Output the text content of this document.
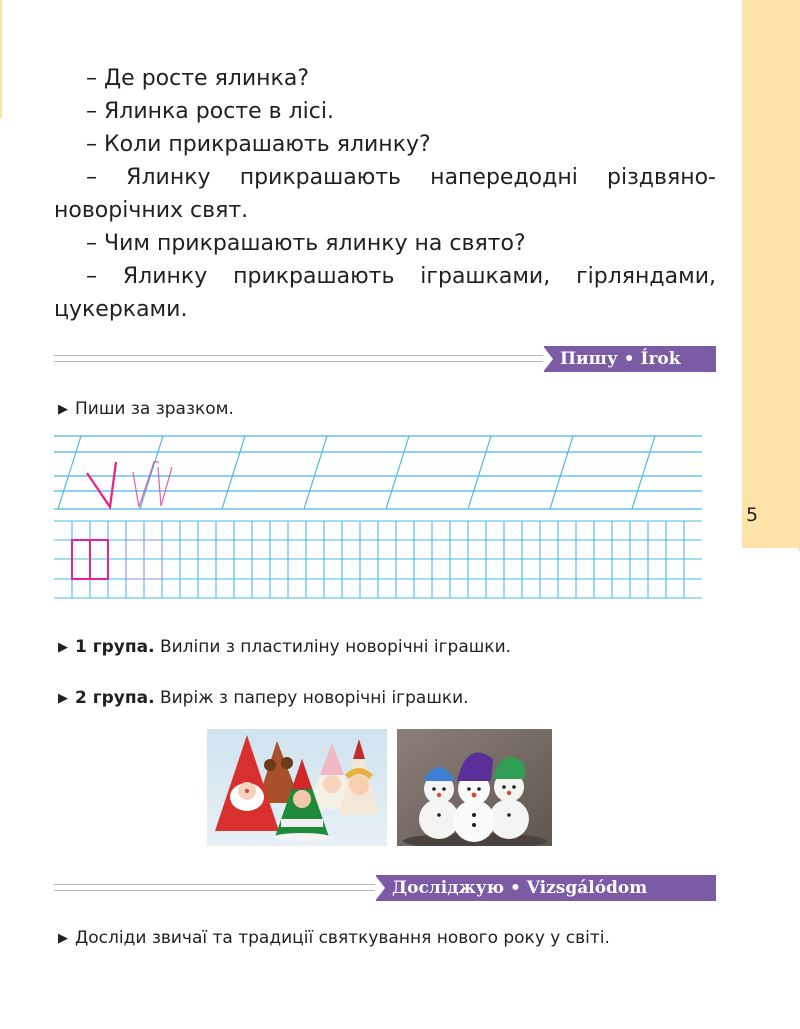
5

– Де росте ялинка?

– Ялинка росте в лісі.

– Коли прикрашають ялинку?

– Ялинку прикрашають напередодні різдвяно-новорічних свят.

– Чим прикрашають ялинку на свято?

– Ялинку прикрашають іграшками, гірляндами, цукерками.

Пишу • Írok
▶ Пиши за зразком.
▶ 1 група. Виліпи з пластиліну новорічні іграшки.
▶ 2 група. Виріж з паперу новорічні іграшки.
Досліджую • Vizsgálódom
▶ Досліди звичаї та традиції святкування нового року у світі.
